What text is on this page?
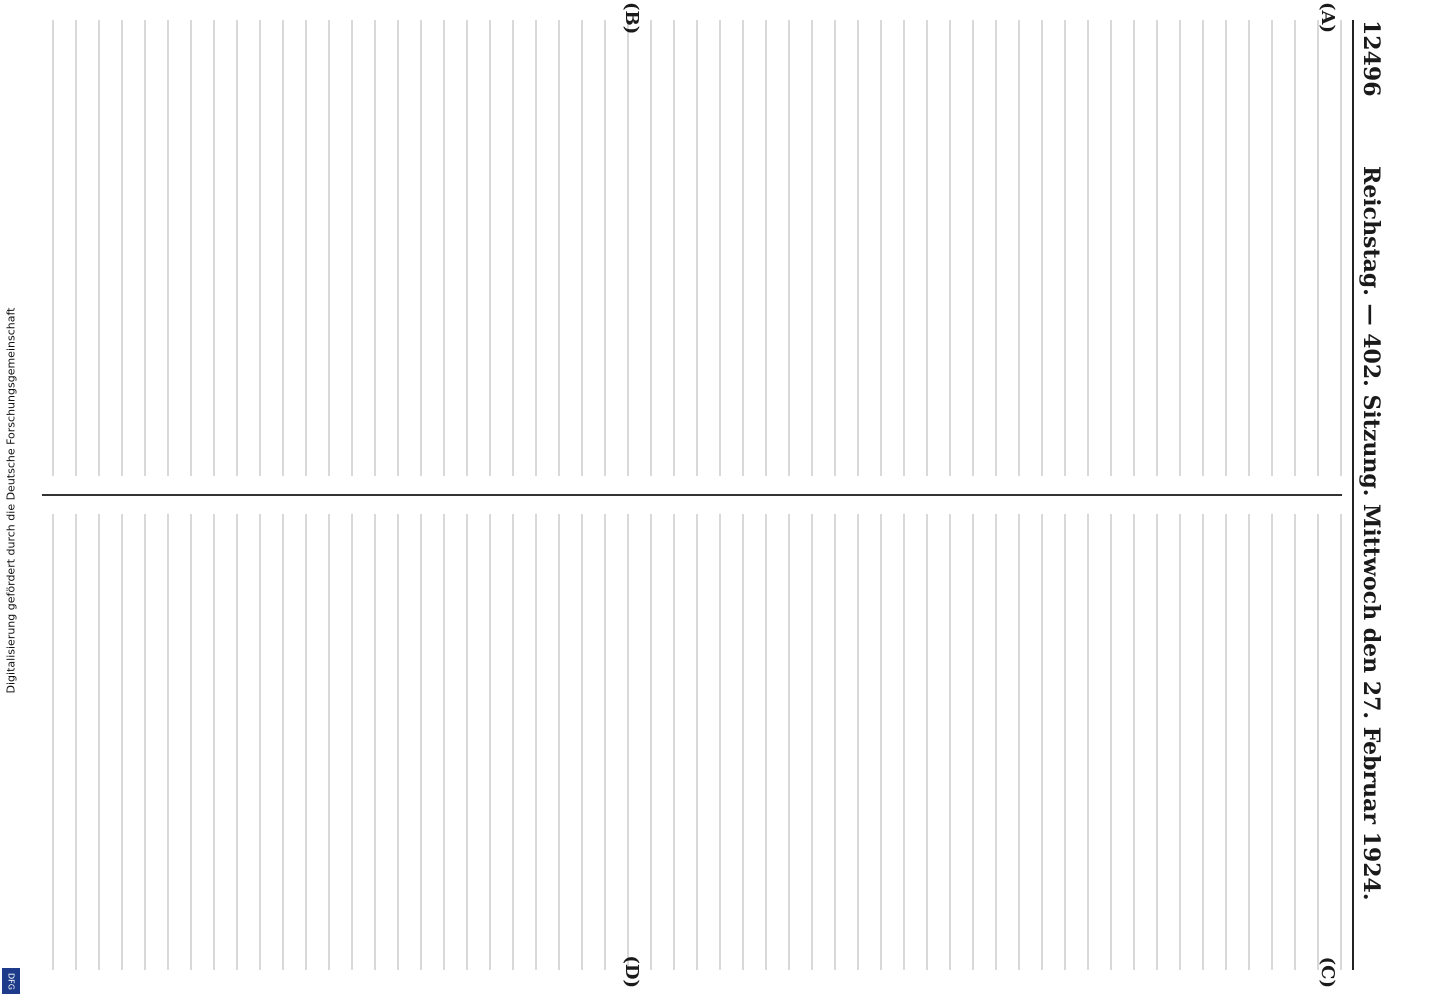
Digitalisierung gefördert durch die Deutsche Forschungsgemeinschaft
DFG
12496
Reichstag. — 402. Sitzung. Mittwoch den 27. Februar 1924.
(A)
(B)
(C)
(D)
